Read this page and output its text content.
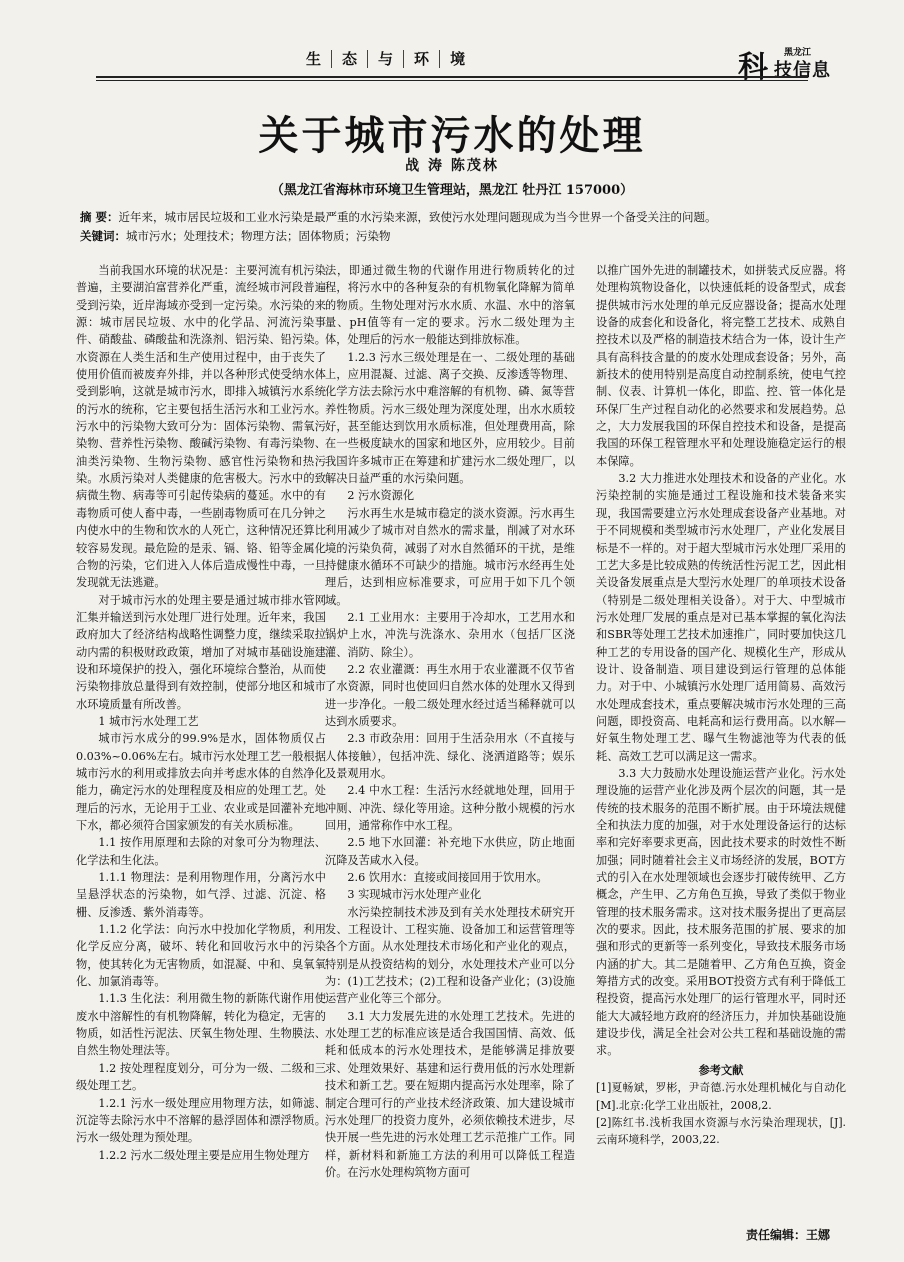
生	态	与	环	境	科 黑龙江
技信息
关于城市污水的处理
战 涛 陈茂林
（黑龙江省海林市环境卫生管理站，黑龙江 牡丹江 157000）

摘 要：近年来，城市居民垃圾和工业水污染是最严重的水污染来源，致使污水处理问题现成为当今世界一个备受关注的问题。

关键词：城市污水；处理技术；物理方法；固体物质；污染物

当前我国水环境的状况是：主要河流有机污染普遍，主要湖泊富营养化严重，流经城市河段普遍受到污染，近岸海域亦受到一定污染。水污染的来源：城市居民垃圾、水中的化学品、河流污染事件、硝酸盐、磷酸盐和洗涤剂、铝污染、铅污染。水资源在人类生活和生产使用过程中，由于丧失了使用价值而被废弃外排，并以各种形式使受纳水体受到影响，这就是城市污水，即排入城镇污水系统的污水的统称，它主要包括生活污水和工业污水。污水中的污染物大致可分为：固体污染物、需氧污染物、营养性污染物、酸碱污染物、有毒污染物、油类污染物、生物污染物、感官性污染物和热污染。水质污染对人类健康的危害极大。污水中的致病微生物、病毒等可引起传染病的蔓延。水中的有毒物质可使人畜中毒，一些剧毒物质可在几分钟之内使水中的生物和饮水的人死亡，这种情况还算比较容易发现。最危险的是汞、镉、铬、铅等金属化合物的污染，它们进入人体后造成慢性中毒，一旦发现就无法逃避。

对于城市污水的处理主要是通过城市排水管网汇集并输送到污水处理厂进行处理。近年来，我国政府加大了经济结构战略性调整力度，继续采取拉动内需的积极财政政策，增加了对城市基础设施建设和环境保护的投入，强化环境综合整治，从而使污染物排放总量得到有效控制，使部分地区和城市水环境质量有所改善。

1 城市污水处理工艺

城市污水成分的99.9%是水，固体物质仅占0.03%~0.06%左右。城市污水处理工艺一般根据城市污水的利用或排放去向并考虑水体的自然净化能力，确定污水的处理程度及相应的处理工艺。处理后的污水，无论用于工业、农业或是回灌补充地下水，都必须符合国家颁发的有关水质标准。

1.1 按作用原理和去除的对象可分为物理法、化学法和生化法。

1.1.1 物理法：是利用物理作用，分离污水中呈悬浮状态的污染物，如气浮、过滤、沉淀、格栅、反渗透、紫外消毒等。

1.1.2 化学法：向污水中投加化学物质，利用化学反应分离，破坏、转化和回收污水中的污染物，使其转化为无害物质，如混凝、中和、臭氧氧化、加氯消毒等。

1.1.3 生化法：利用微生物的新陈代谢作用使废水中溶解性的有机物降解，转化为稳定，无害的物质，如活性污泥法、厌氧生物处理、生物膜法、自然生物处理法等。

1.2 按处理程度划分，可分为一级、二级和三级处理工艺。

1.2.1 污水一级处理应用物理方法，如筛滤、沉淀等去除污水中不溶解的悬浮固体和漂浮物质。污水一级处理为预处理。

1.2.2 污水二级处理主要是应用生物处理方

法，即通过微生物的代谢作用进行物质转化的过程，将污水中的各种复杂的有机物氧化降解为简单的物质。生物处理对污水水质、水温、水中的溶氧量、pH值等有一定的要求。污水二级处理为主体，处理后的污水一般能达到排放标准。

1.2.3 污水三级处理是在一、二级处理的基础上，应用混凝、过滤、离子交换、反渗透等物理、化学方法去除污水中难溶解的有机物、磷、氮等营养性物质。污水三级处理为深度处理，出水水质较好，甚至能达到饮用水质标准，但处理费用高，除在一些极度缺水的国家和地区外，应用较少。目前我国许多城市正在筹建和扩建污水二级处理厂，以解决日益严重的水污染问题。

2 污水资源化

污水再生水是城市稳定的淡水资源。污水再生利用减少了城市对自然水的需求量，削减了对水环境的污染负荷，减弱了对水自然循环的干扰，是维持健康水循环不可缺少的措施。城市污水经再生处理后，达到相应标准要求，可应用于如下几个领域。

2.1 工业用水：主要用于冷却水，工艺用水和锅炉上水，冲洗与洗涤水、杂用水（包括厂区浇灌、消防、除尘）。

2.2 农业灌溉：再生水用于农业灌溉不仅节省了水资源，同时也使回归自然水体的处理水又得到进一步净化。一般二级处理水经过适当稀释就可以达到水质要求。

2.3 市政杂用：回用于生活杂用水（不直接与人体接触），包括冲洗、绿化、浇洒道路等；娱乐及景观用水。

2.4 中水工程：生活污水经就地处理，回用于冲厕、冲洗、绿化等用途。这种分散小规模的污水回用，通常称作中水工程。

2.5 地下水回灌：补充地下水供应，防止地面沉降及苦咸水入侵。

2.6 饮用水：直接或间接回用于饮用水。

3 实现城市污水处理产业化

水污染控制技术涉及到有关水处理技术研究开发、工程设计、工程实施、设备加工和运营管理等各个方面。从水处理技术市场化和产业化的观点，特别是从投资结构的划分，水处理技术产业可以分为：(1)工艺技术；(2)工程和设备产业化；(3)设施运营产业化等三个部分。

3.1 大力发展先进的水处理工艺技术。先进的水处理工艺的标准应该是适合我国国情、高效、低耗和低成本的污水处理技术，是能够满足排放要求、处理效果好、基建和运行费用低的污水处理新技术和新工艺。要在短期内提高污水处理率，除了制定合理可行的产业技术经济政策、加大建设城市污水处理厂的投资力度外，必须依赖技术进步，尽快开展一些先进的污水处理工艺示范推广工作。同样，新材料和新施工方法的利用可以降低工程造价。在污水处理构筑物方面可

以推广国外先进的制罐技术，如拼装式反应器。将处理构筑物设备化，以快速低耗的设备型式，成套提供城市污水处理的单元反应器设备；提高水处理设备的成套化和设备化，将完整工艺技术、成熟自控技术以及严格的制造技术结合为一体，设计生产具有高科技含量的的废水处理成套设备；另外，高新技术的使用特别是高度自动控制系统，使电气控制、仪表、计算机一体化，即监、控、管一体化是环保厂生产过程自动化的必然要求和发展趋势。总之，大力发展我国的环保自控技术和设备，是提高我国的环保工程管理水平和处理设施稳定运行的根本保障。

3.2 大力推进水处理技术和设备的产业化。水污染控制的实施是通过工程设施和技术装备来实现，我国需要建立污水处理成套设备产业基地。对于不同规模和类型城市污水处理厂，产业化发展目标是不一样的。对于超大型城市污水处理厂采用的工艺大多是比较成熟的传统活性污泥工艺，因此相关设备发展重点是大型污水处理厂的单项技术设备（特别是二级处理相关设备）。对于大、中型城市污水处理厂发展的重点是对已基本掌握的氧化沟法和SBR等处理工艺技术加速推广，同时要加快这几种工艺的专用设备的国产化、规模化生产，形成从设计、设备制造、项目建设到运行管理的总体能力。对于中、小城镇污水处理厂适用简易、高效污水处理成套技术，重点要解决城市污水处理的三高问题，即投资高、电耗高和运行费用高。以水解—好氧生物处理工艺、曝气生物滤池等为代表的低耗、高效工艺可以满足这一需求。

3.3 大力鼓励水处理设施运营产业化。污水处理设施的运营产业化涉及两个层次的问题，其一是传统的技术服务的范围不断扩展。由于环境法规健全和执法力度的加强，对于水处理设备运行的达标率和完好率要求更高，因此技术要求的时效性不断加强；同时随着社会主义市场经济的发展，BOT方式的引入在水处理领域也会逐步打破传统甲、乙方概念，产生甲、乙方角色互换，导致了类似于物业管理的技术服务需求。这对技术服务提出了更高层次的要求。因此，技术服务范围的扩展、要求的加强和形式的更新等一系列变化，导致技术服务市场内涵的扩大。其二是随着甲、乙方角色互换，资金筹措方式的改变。采用BOT投资方式有利于降低工程投资，提高污水处理厂的运行管理水平，同时还能大大减轻地方政府的经济压力，并加快基础设施建设步伐，满足全社会对公共工程和基础设施的需求。

参考文献

[1]夏畅斌，罗彬，尹奇德.污水处理机械化与自动化[M].北京:化学工业出版社，2008,2.

[2]陈红书.浅析我国水资源与水污染治理现状，[J].云南环境科学，2003,22.

责任编辑：王娜
